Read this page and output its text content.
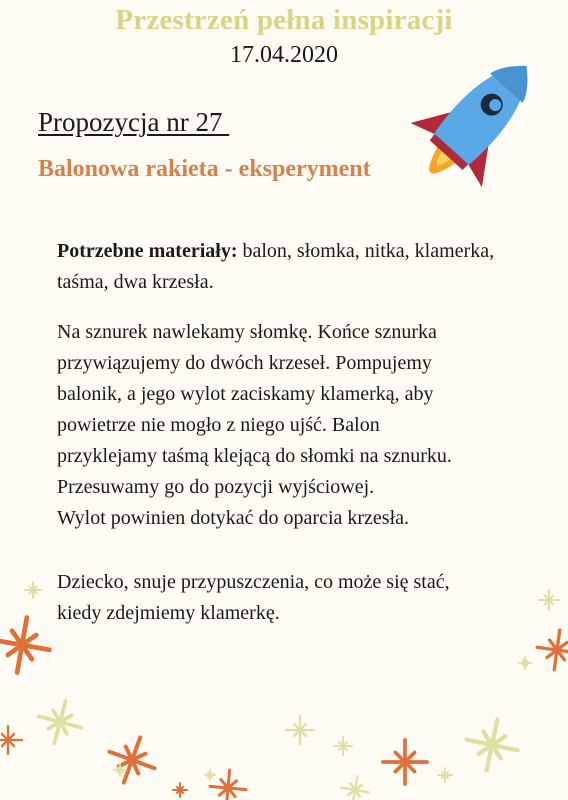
Przestrzeń pełna inspiracji
17.04.2020
Propozycja nr 27
Balonowa rakieta - eksperyment

Potrzebne materiały: balon, słomka, nitka, klamerka, taśma, dwa krzesła.

Na sznurek nawlekamy słomkę. Końce sznurka
przywiązujemy do dwóch krzeseł. Pompujemy
balonik, a jego wylot zaciskamy klamerką, aby
powietrze nie mogło z niego ujść. Balon
przyklejamy taśmą klejącą do słomki na sznurku.
Przesuwamy go do pozycji wyjściowej.
Wylot powinien dotykać do oparcia krzesła.

Dziecko, snuje przypuszczenia, co może się stać,
kiedy zdejmiemy klamerkę.
